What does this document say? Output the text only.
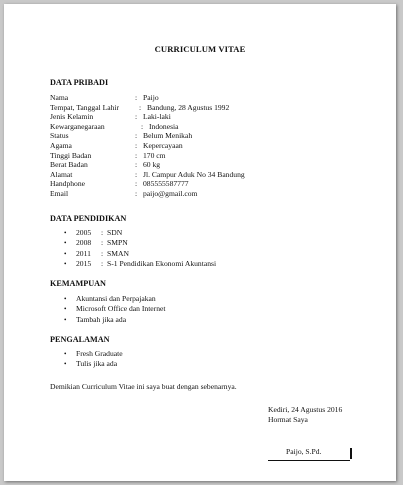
CURRICULUM VITAE
DATA PRIBADI
Nama	: Paijo
Tempat, Tanggal Lahir	: Bandung, 28 Agustus 1992
Jenis Kelamin	: Laki-laki
Kewarganegaraan	: Indonesia
Status	: Belum Menikah
Agama	: Kepercayaan
Tinggi Badan	: 170 cm
Berat Badan	: 60 kg
Alamat	: Jl. Campur Aduk No 34 Bandung
Handphone	: 085555587777
Email	: paijo@gmail.com
DATA PENDIDIKAN
• 2005 : SDN
• 2008 : SMPN
• 2011 : SMAN
• 2015 : S-1 Pendidikan Ekonomi Akuntansi
KEMAMPUAN
• Akuntansi dan Perpajakan
• Microsoft Office dan Internet
• Tambah jika ada
PENGALAMAN
• Fresh Graduate
• Tulis jika ada
Demikian Curriculum Vitae ini saya buat dengan sebenarnya.
Kediri, 24 Agustus 2016
Hormat Saya
Paijo, S.Pd.
